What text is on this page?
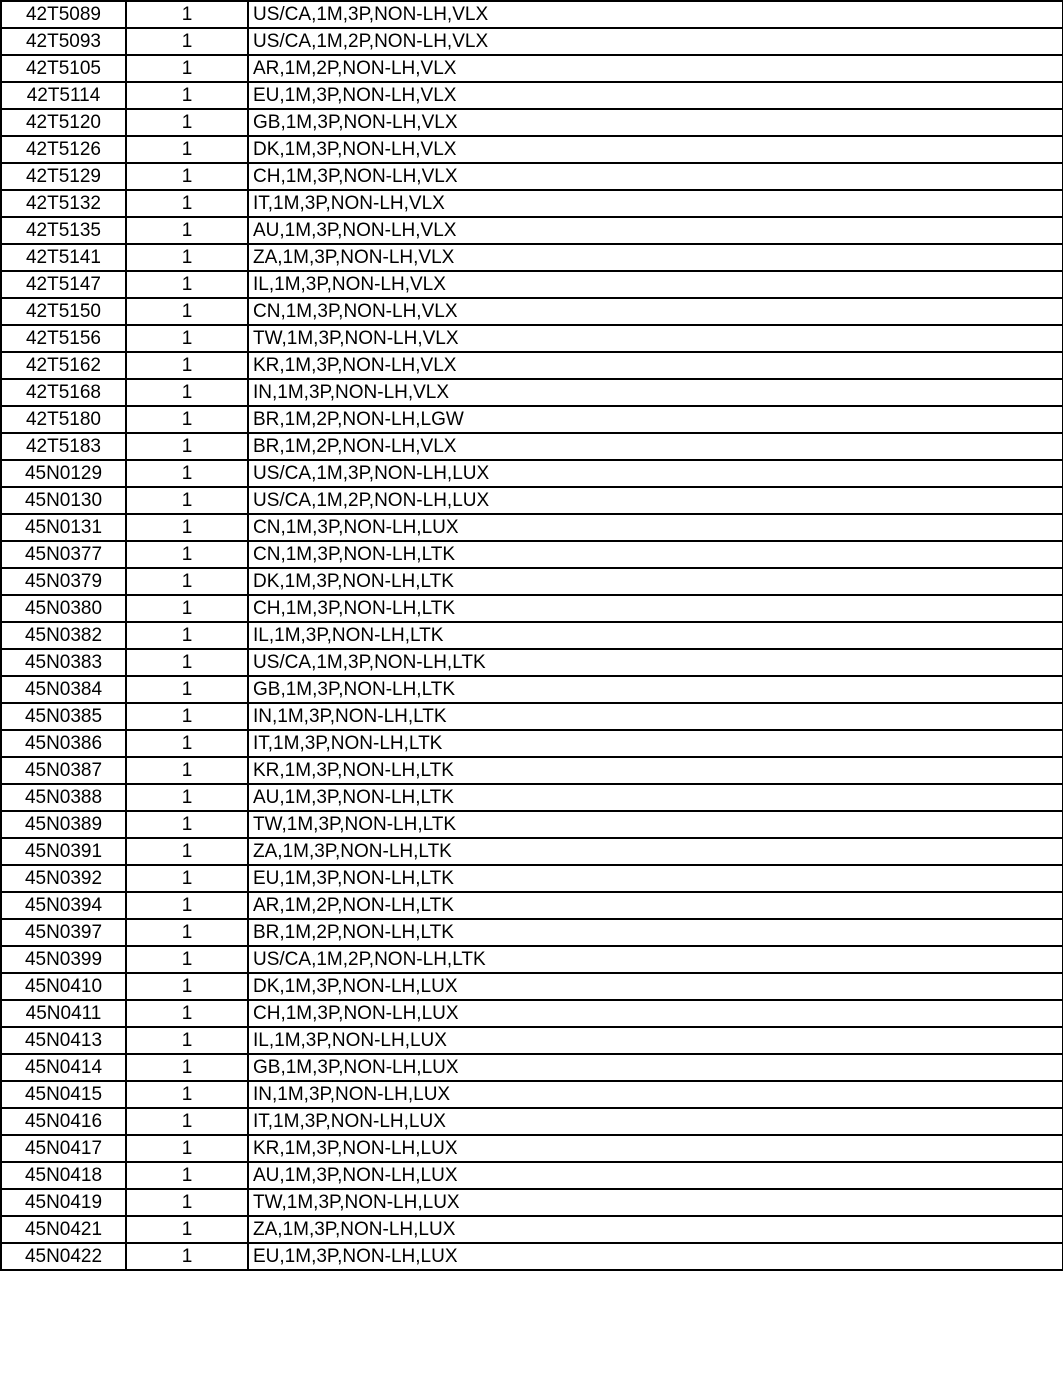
42T5089	1	US/CA,1M,3P,NON-LH,VLX
42T5093	1	US/CA,1M,2P,NON-LH,VLX
42T5105	1	AR,1M,2P,NON-LH,VLX
42T5114	1	EU,1M,3P,NON-LH,VLX
42T5120	1	GB,1M,3P,NON-LH,VLX
42T5126	1	DK,1M,3P,NON-LH,VLX
42T5129	1	CH,1M,3P,NON-LH,VLX
42T5132	1	IT,1M,3P,NON-LH,VLX
42T5135	1	AU,1M,3P,NON-LH,VLX
42T5141	1	ZA,1M,3P,NON-LH,VLX
42T5147	1	IL,1M,3P,NON-LH,VLX
42T5150	1	CN,1M,3P,NON-LH,VLX
42T5156	1	TW,1M,3P,NON-LH,VLX
42T5162	1	KR,1M,3P,NON-LH,VLX
42T5168	1	IN,1M,3P,NON-LH,VLX
42T5180	1	BR,1M,2P,NON-LH,LGW
42T5183	1	BR,1M,2P,NON-LH,VLX
45N0129	1	US/CA,1M,3P,NON-LH,LUX
45N0130	1	US/CA,1M,2P,NON-LH,LUX
45N0131	1	CN,1M,3P,NON-LH,LUX
45N0377	1	CN,1M,3P,NON-LH,LTK
45N0379	1	DK,1M,3P,NON-LH,LTK
45N0380	1	CH,1M,3P,NON-LH,LTK
45N0382	1	IL,1M,3P,NON-LH,LTK
45N0383	1	US/CA,1M,3P,NON-LH,LTK
45N0384	1	GB,1M,3P,NON-LH,LTK
45N0385	1	IN,1M,3P,NON-LH,LTK
45N0386	1	IT,1M,3P,NON-LH,LTK
45N0387	1	KR,1M,3P,NON-LH,LTK
45N0388	1	AU,1M,3P,NON-LH,LTK
45N0389	1	TW,1M,3P,NON-LH,LTK
45N0391	1	ZA,1M,3P,NON-LH,LTK
45N0392	1	EU,1M,3P,NON-LH,LTK
45N0394	1	AR,1M,2P,NON-LH,LTK
45N0397	1	BR,1M,2P,NON-LH,LTK
45N0399	1	US/CA,1M,2P,NON-LH,LTK
45N0410	1	DK,1M,3P,NON-LH,LUX
45N0411	1	CH,1M,3P,NON-LH,LUX
45N0413	1	IL,1M,3P,NON-LH,LUX
45N0414	1	GB,1M,3P,NON-LH,LUX
45N0415	1	IN,1M,3P,NON-LH,LUX
45N0416	1	IT,1M,3P,NON-LH,LUX
45N0417	1	KR,1M,3P,NON-LH,LUX
45N0418	1	AU,1M,3P,NON-LH,LUX
45N0419	1	TW,1M,3P,NON-LH,LUX
45N0421	1	ZA,1M,3P,NON-LH,LUX
45N0422	1	EU,1M,3P,NON-LH,LUX
